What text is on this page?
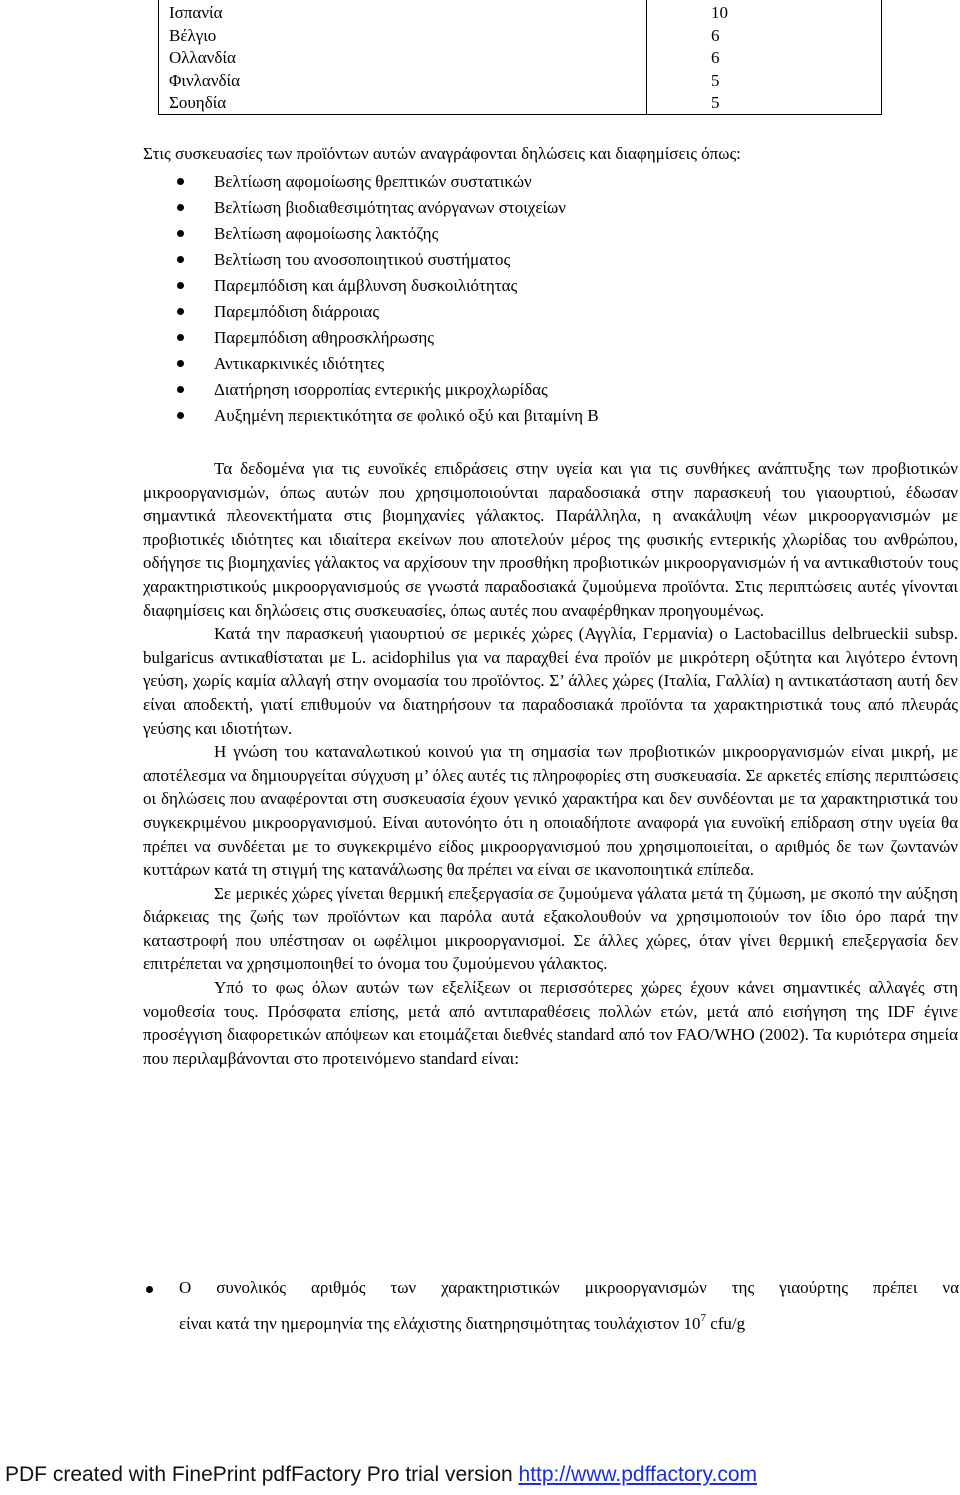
Ισπανία
Βέλγιο
Ολλανδία
Φινλανδία
Σουηδία
10
6
6
5
5
Στις συσκευασίες των προϊόντων αυτών αναγράφονται δηλώσεις και διαφημίσεις όπως:
Βελτίωση αφομοίωσης θρεπτικών συστατικών
Βελτίωση βιοδιαθεσιμότητας ανόργανων στοιχείων
Βελτίωση αφομοίωσης λακτόζης
Βελτίωση του ανοσοποιητικού συστήματος
Παρεμπόδιση και άμβλυνση δυσκοιλιότητας
Παρεμπόδιση διάρροιας
Παρεμπόδιση αθηροσκλήρωσης
Αντικαρκινικές ιδιότητες
Διατήρηση ισορροπίας εντερικής μικροχλωρίδας
Αυξημένη περιεκτικότητα σε φολικό οξύ και βιταμίνη Β

Τα δεδομένα για τις ευνοϊκές επιδράσεις στην υγεία και για τις συνθήκες ανάπτυξης των προβιοτικών μικροοργανισμών, όπως αυτών που χρησιμοποιούνται παραδοσιακά στην παρασκευή του γιαουρτιού, έδωσαν σημαντικά πλεονεκτήματα στις βιομηχανίες γάλακτος. Παράλληλα, η ανακάλυψη νέων μικροοργανισμών με προβιοτικές ιδιότητες και ιδιαίτερα εκείνων που αποτελούν μέρος της φυσικής εντερικής χλωρίδας του ανθρώπου, οδήγησε τις βιομηχανίες γάλακτος να αρχίσουν την προσθήκη προβιοτικών μικροοργανισμών ή να αντικαθιστούν τους χαρακτηριστικούς μικροοργανισμούς σε γνωστά παραδοσιακά ζυμούμενα προϊόντα. Στις περιπτώσεις αυτές γίνονται διαφημίσεις και δηλώσεις στις συσκευασίες, όπως αυτές που αναφέρθηκαν προηγουμένως.

Κατά την παρασκευή γιαουρτιού σε μερικές χώρες (Αγγλία, Γερμανία) ο Lactobacillus delbrueckii subsp. bulgaricus αντικαθίσταται με L. acidophilus για να παραχθεί ένα προϊόν με μικρότερη οξύτητα και λιγότερο έντονη γεύση, χωρίς καμία αλλαγή στην ονομασία του προϊόντος. Σ’ άλλες χώρες (Ιταλία, Γαλλία) η αντικατάσταση αυτή δεν είναι αποδεκτή, γιατί επιθυμούν να διατηρήσουν τα παραδοσιακά προϊόντα τα χαρακτηριστικά τους από πλευράς γεύσης και ιδιοτήτων.

Η γνώση του καταναλωτικού κοινού για τη σημασία των προβιοτικών μικροοργανισμών είναι μικρή, με αποτέλεσμα να δημιουργείται σύγχυση μ’ όλες αυτές τις πληροφορίες στη συσκευασία. Σε αρκετές επίσης περιπτώσεις οι δηλώσεις που αναφέρονται στη συσκευασία έχουν γενικό χαρακτήρα και δεν συνδέονται με τα χαρακτηριστικά του συγκεκριμένου μικροοργανισμού. Είναι αυτονόητο ότι η οποιαδήποτε αναφορά για ευνοϊκή επίδραση στην υγεία θα πρέπει να συνδέεται με το συγκεκριμένο είδος μικροοργανισμού που χρησιμοποιείται, ο αριθμός δε των ζωντανών κυττάρων κατά τη στιγμή της κατανάλωσης θα πρέπει να είναι σε ικανοποιητικά επίπεδα.

Σε μερικές χώρες γίνεται θερμική επεξεργασία σε ζυμούμενα γάλατα μετά τη ζύμωση, με σκοπό την αύξηση διάρκειας της ζωής των προϊόντων και παρόλα αυτά εξακολουθούν να χρησιμοποιούν τον ίδιο όρο παρά την καταστροφή που υπέστησαν οι ωφέλιμοι μικροοργανισμοί. Σε άλλες χώρες, όταν γίνει θερμική επεξεργασία δεν επιτρέπεται να χρησιμοποιηθεί το όνομα του ζυμούμενου γάλακτος.

Υπό το φως όλων αυτών των εξελίξεων οι περισσότερες χώρες έχουν κάνει σημαντικές αλλαγές στη νομοθεσία τους. Πρόσφατα επίσης, μετά από αντιπαραθέσεις πολλών ετών, μετά από εισήγηση της IDF έγινε προσέγγιση διαφορετικών απόψεων και ετοιμάζεται διεθνές standard από τον FAO/WHO (2002). Τα κυριότερα σημεία που περιλαμβάνονται στο προτεινόμενο standard είναι:

Ο συνολικός αριθμός των χαρακτηριστικών μικροοργανισμών της γιαούρτης πρέπει να
είναι κατά την ημερομηνία της ελάχιστης διατηρησιμότητας τουλάχιστον $10^7$ cfu/g
PDF created with FinePrint pdfFactory Pro trial version http://www.pdffactory.com
